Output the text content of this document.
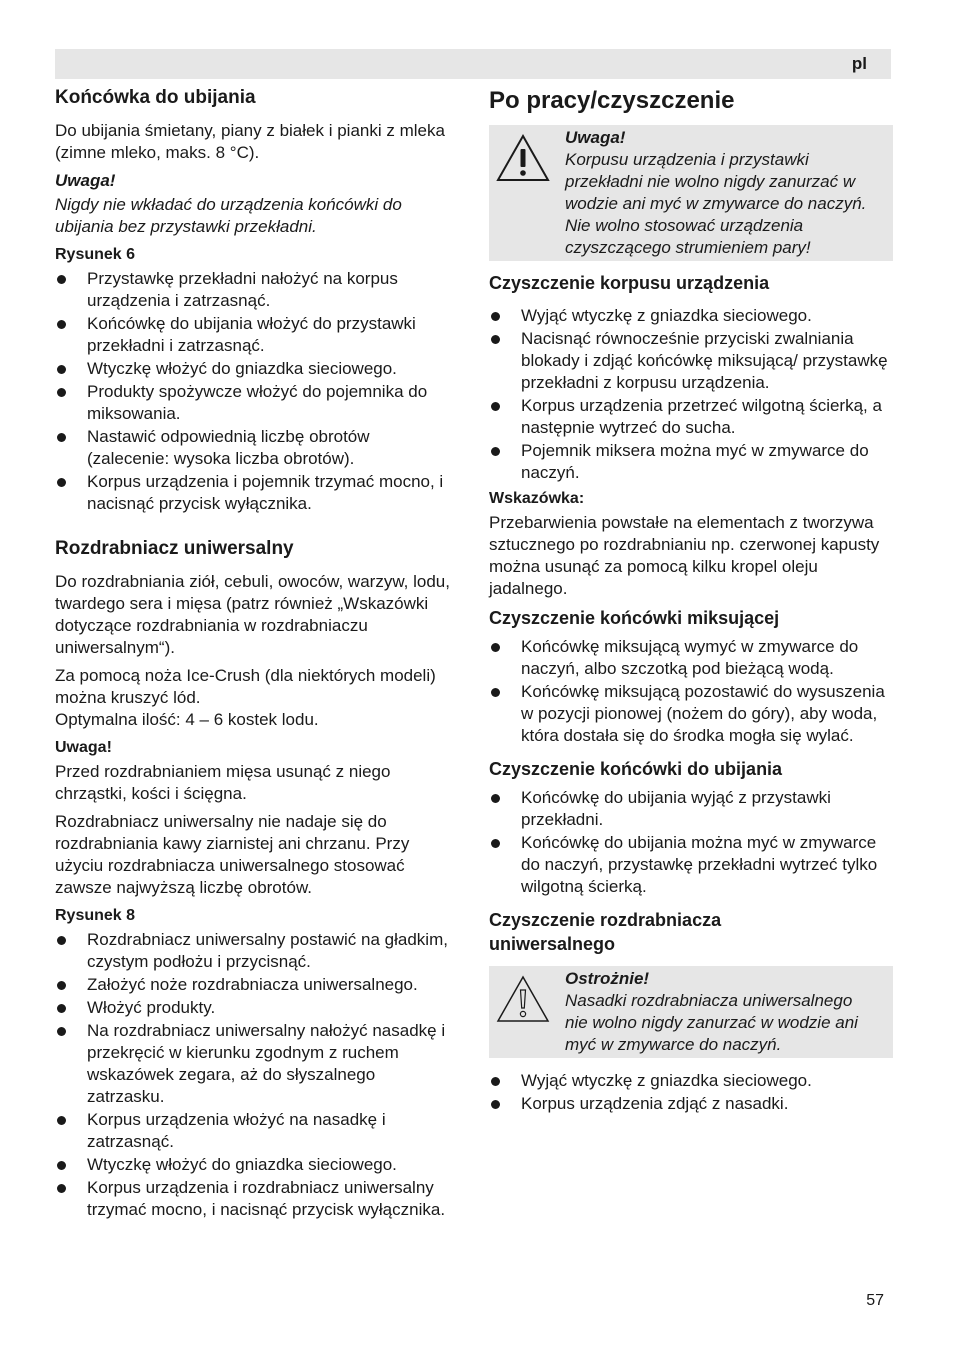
pl
Końcówka do ubijania

Do ubijania śmietany, piany z białek i pianki z mleka (zimne mleko, maks. 8 °C).

Uwaga!

Nigdy nie wkładać do urządzenia końcówki do ubijania bez przystawki przekładni.

Rysunek 6
Przystawkę przekładni nałożyć na korpus urządzenia i zatrzasnąć.
Końcówkę do ubijania włożyć do przystawki przekładni i zatrzasnąć.
Wtyczkę włożyć do gniazdka sieciowego.
Produkty spożywcze włożyć do pojemnika do miksowania.
Nastawić odpowiednią liczbę obrotów (zalecenie: wysoka liczba obrotów).
Korpus urządzenia i pojemnik trzymać mocno, i nacisnąć przycisk wyłącznika.
Rozdrabniacz uniwersalny

Do rozdrabniania ziół, cebuli, owoców, warzyw, lodu, twardego sera i mięsa (patrz również „Wskazówki dotyczące rozdrabniania w rozdrabniaczu uniwersalnym“).

Za pomocą noża Ice-Crush (dla niektórych modeli) można kruszyć lód.

Optymalna ilość: 4 – 6 kostek lodu.

Uwaga!

Przed rozdrabnianiem mięsa usunąć z niego chrząstki, kości i ścięgna.

Rozdrabniacz uniwersalny nie nadaje się do rozdrabniania kawy ziarnistej ani chrzanu. Przy użyciu rozdrabniacza uniwersalnego stosować zawsze najwyższą liczbę obrotów.

Rysunek 8
Rozdrabniacz uniwersalny postawić na gładkim, czystym podłożu i przycisnąć.
Założyć noże rozdrabniacza uniwersalnego.
Włożyć produkty.
Na rozdrabniacz uniwersalny nałożyć nasadkę i przekręcić w kierunku zgodnym z ruchem wskazówek zegara, aż do słyszalnego zatrzasku.
Korpus urządzenia włożyć na nasadkę i zatrzasnąć.
Wtyczkę włożyć do gniazdka sieciowego.
Korpus urządzenia i rozdrabniacz uniwersalny trzymać mocno, i nacisnąć przycisk wyłącznika.
Po pracy/czyszczenie

Uwaga!

Korpusu urządzenia i przystawki przekładni nie wolno nigdy zanurzać w wodzie ani myć w zmywarce do naczyń.

Nie wolno stosować urządzenia czyszczącego strumieniem pary!

Czyszczenie korpusu urządzenia
Wyjąć wtyczkę z gniazdka sieciowego.
Nacisnąć równocześnie przyciski zwalniania blokady i zdjąć końcówkę miksującą/ przystawkę przekładni z korpusu urządzenia.
Korpus urządzenia przetrzeć wilgotną ścierką, a następnie wytrzeć do sucha.
Pojemnik miksera można myć w zmywarce do naczyń.
Wskazówka:

Przebarwienia powstałe na elementach z tworzywa sztucznego po rozdrabnianiu np. czerwonej kapusty można usunąć za pomocą kilku kropel oleju jadalnego.

Czyszczenie końcówki miksującej
Końcówkę miksującą wymyć w zmywarce do naczyń, albo szczotką pod bieżącą wodą.
Końcówkę miksującą pozostawić do wysuszenia w pozycji pionowej (nożem do góry), aby woda, która dostała się do środka mogła się wylać.
Czyszczenie końcówki do ubijania
Końcówkę do ubijania wyjąć z przystawki przekładni.
Końcówkę do ubijania można myć w zmywarce do naczyń, przystawkę przekładni wytrzeć tylko wilgotną ścierką.
Czyszczenie rozdrabniacza uniwersalnego

Ostrożnie!

Nasadki rozdrabniacza uniwersalnego nie wolno nigdy zanurzać w wodzie ani myć w zmywarce do naczyń.

Wyjąć wtyczkę z gniazdka sieciowego.
Korpus urządzenia zdjąć z nasadki.
57
